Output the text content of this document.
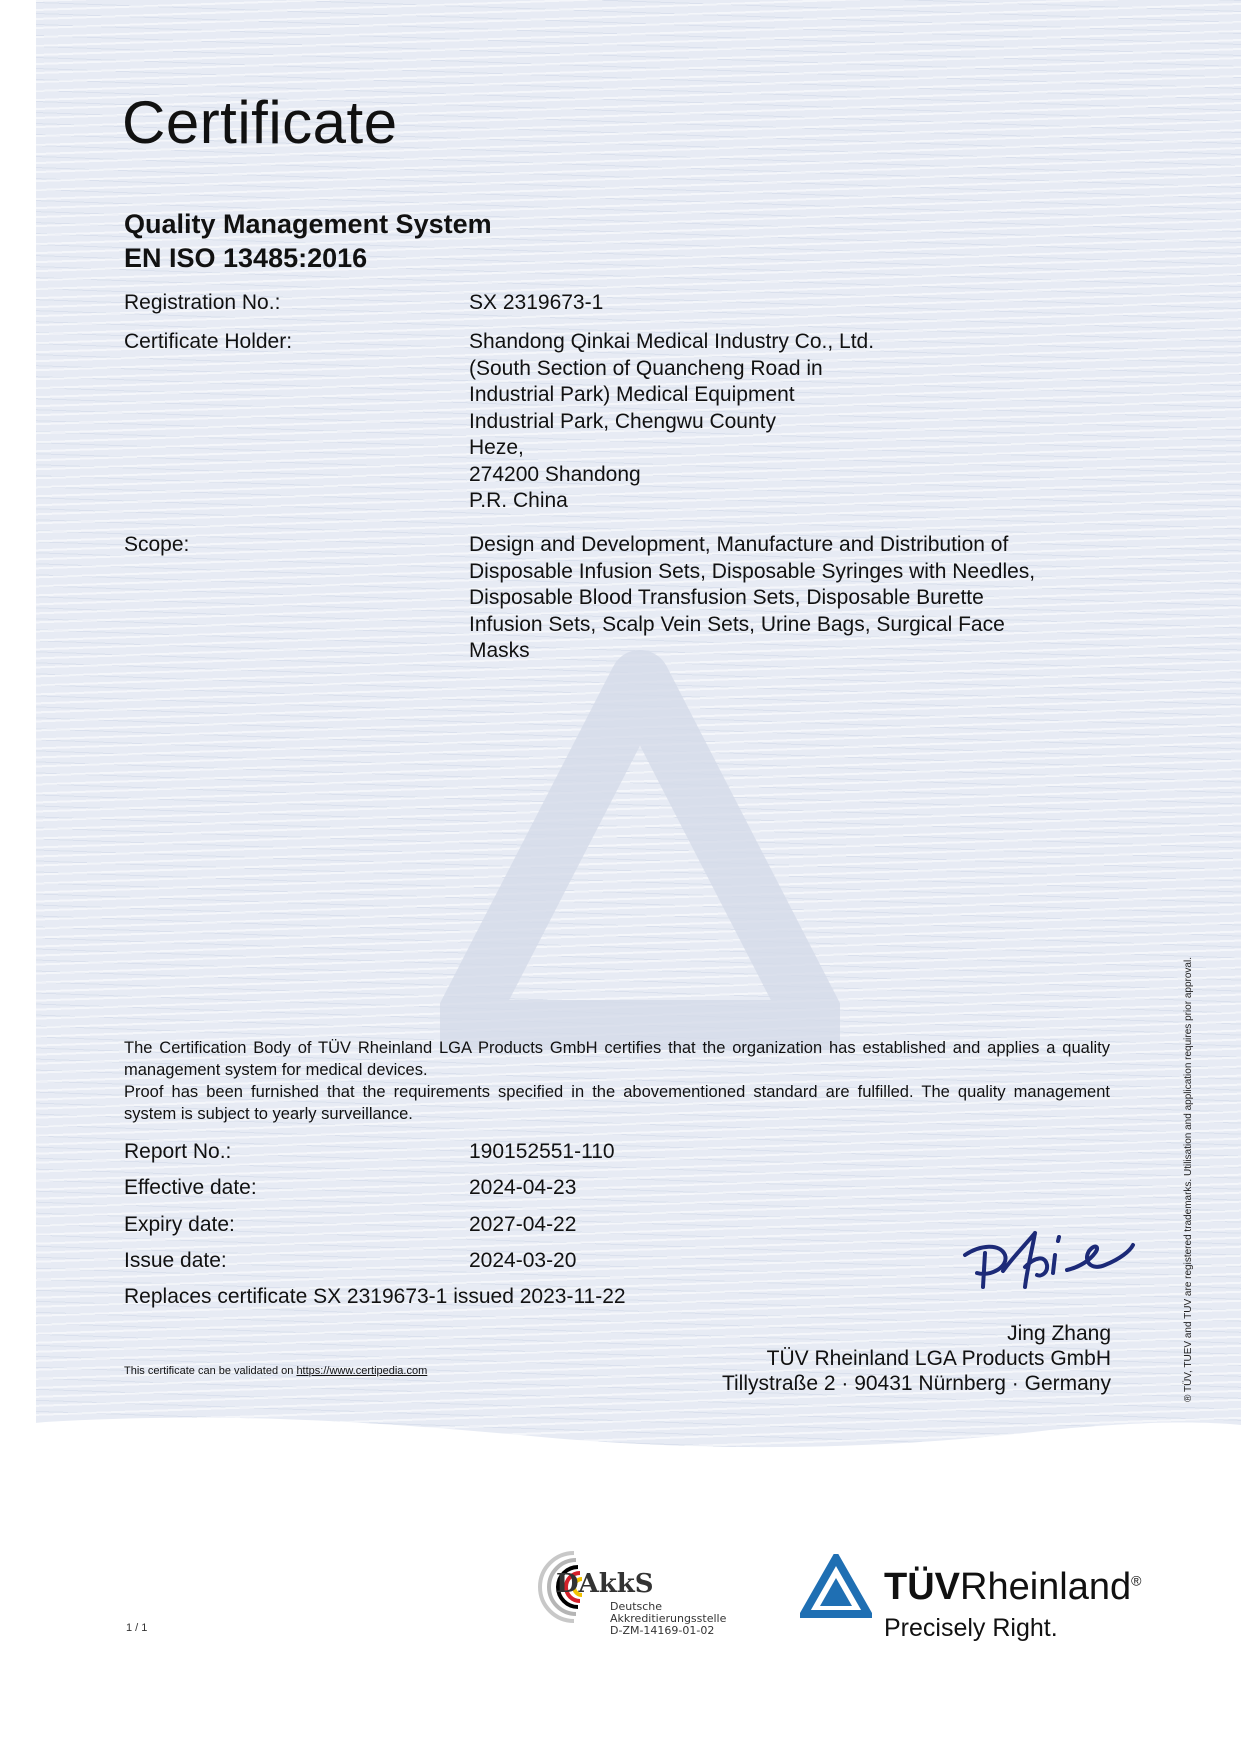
Certificate
Quality Management System
EN ISO 13485:2016
Registration No.:	SX 2319673-1
Certificate Holder:	Shandong Qinkai Medical Industry Co., Ltd.
(South Section of Quancheng Road in
Industrial Park) Medical Equipment
Industrial Park, Chengwu County
Heze,
274200 Shandong
P.R. China
Scope:	Design and Development, Manufacture and Distribution of
Disposable Infusion Sets, Disposable Syringes with Needles,
Disposable Blood Transfusion Sets, Disposable Burette
Infusion Sets, Scalp Vein Sets, Urine Bags, Surgical Face
Masks
The Certification Body of TÜV Rheinland LGA Products GmbH certifies that the organization has established and applies a quality management system for medical devices.
Proof has been furnished that the requirements specified in the abovementioned standard are fulfilled. The quality management system is subject to yearly surveillance.
Report No.:	190152551-110
Effective date:	2024-04-23
Expiry date:	2027-04-22
Issue date:	2024-03-20
Replaces certificate SX 2319673-1 issued 2023-11-22
This certificate can be validated on https://www.certipedia.com
Jing Zhang
TÜV Rheinland LGA Products GmbH
Tillystraße 2 · 90431 Nürnberg · Germany	® TÜV, TUEV and TUV are registered trademarks. Utilisation and application requires prior approval.
1 / 1
DAkkS
Deutsche
Akkreditierungsstelle
D-ZM-14169-01-02
TÜVRheinland®
Precisely Right.
